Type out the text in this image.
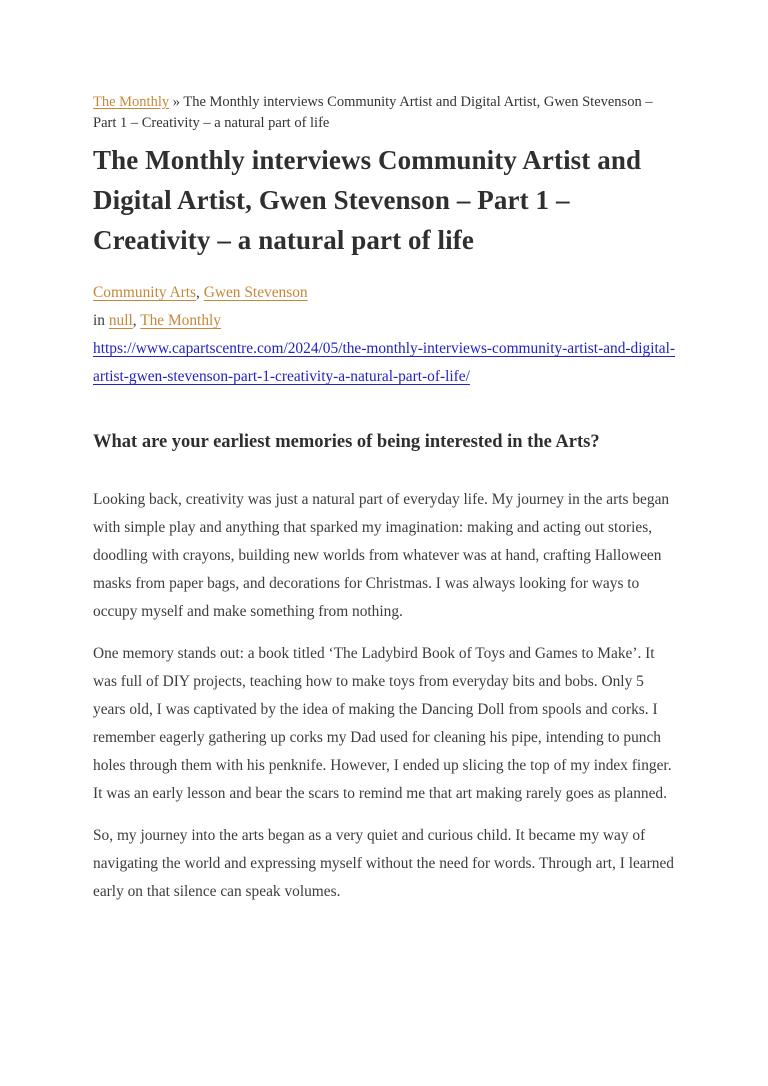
The Monthly » The Monthly interviews Community Artist and Digital Artist, Gwen Stevenson – Part 1 – Creativity – a natural part of life
The Monthly interviews Community Artist and Digital Artist, Gwen Stevenson – Part 1 – Creativity – a natural part of life

Community Arts, Gwen Stevenson

in null, The Monthly

https://www.capartscentre.com/2024/05/the-monthly-interviews-community-artist-and-digital-artist-gwen-stevenson-part-1-creativity-a-natural-part-of-life/

What are your earliest memories of being interested in the Arts?

Looking back, creativity was just a natural part of everyday life. My journey in the arts began with simple play and anything that sparked my imagination: making and acting out stories, doodling with crayons, building new worlds from whatever was at hand, crafting Halloween masks from paper bags, and decorations for Christmas. I was always looking for ways to occupy myself and make something from nothing.

One memory stands out: a book titled ‘The Ladybird Book of Toys and Games to Make’. It was full of DIY projects, teaching how to make toys from everyday bits and bobs. Only 5 years old, I was captivated by the idea of making the Dancing Doll from spools and corks. I remember eagerly gathering up corks my Dad used for cleaning his pipe, intending to punch holes through them with his penknife. However, I ended up slicing the top of my index finger. It was an early lesson and bear the scars to remind me that art making rarely goes as planned.

So, my journey into the arts began as a very quiet and curious child. It became my way of navigating the world and expressing myself without the need for words. Through art, I learned early on that silence can speak volumes.
